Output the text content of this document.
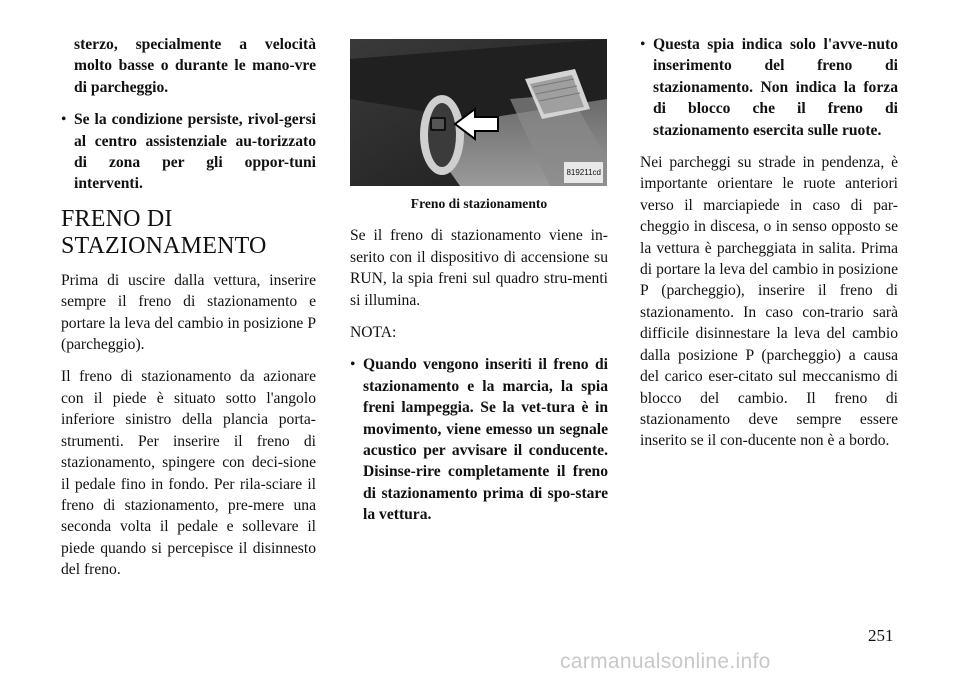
sterzo, specialmente a velocità molto basse o durante le mano-vre di parcheggio.

• Se la condizione persiste, rivol-gersi al centro assistenziale au-torizzato di zona per gli oppor-tuni interventi.
FRENO DI
STAZIONAMENTO

Prima di uscire dalla vettura, inserire sempre il freno di stazionamento e portare la leva del cambio in posizione P (parcheggio).

Il freno di stazionamento da azionare con il piede è situato sotto l'angolo inferiore sinistro della plancia porta-strumenti. Per inserire il freno di stazionamento, spingere con deci-sione il pedale fino in fondo. Per rila-sciare il freno di stazionamento, pre-mere una seconda volta il pedale e sollevare il piede quando si percepisce il disinnesto del freno.

819211cd
Freno di stazionamento

Se il freno di stazionamento viene in-serito con il dispositivo di accensione su RUN, la spia freni sul quadro stru-menti si illumina.

NOTA:

• Quando vengono inseriti il freno di stazionamento e la marcia, la spia freni lampeggia. Se la vet-tura è in movimento, viene emesso un segnale acustico per avvisare il conducente. Disinse-rire completamente il freno di stazionamento prima di spo-stare la vettura.
• Questa spia indica solo l'avve-nuto inserimento del freno di stazionamento. Non indica la forza di blocco che il freno di stazionamento esercita sulle ruote.

Nei parcheggi su strade in pendenza, è importante orientare le ruote anteriori verso il marciapiede in caso di par-cheggio in discesa, o in senso opposto se la vettura è parcheggiata in salita. Prima di portare la leva del cambio in posizione P (parcheggio), inserire il freno di stazionamento. In caso con-trario sarà difficile disinnestare la leva del cambio dalla posizione P (parcheggio) a causa del carico eser-citato sul meccanismo di blocco del cambio. Il freno di stazionamento deve sempre essere inserito se il con-ducente non è a bordo.

251
carmanualsonline.info
